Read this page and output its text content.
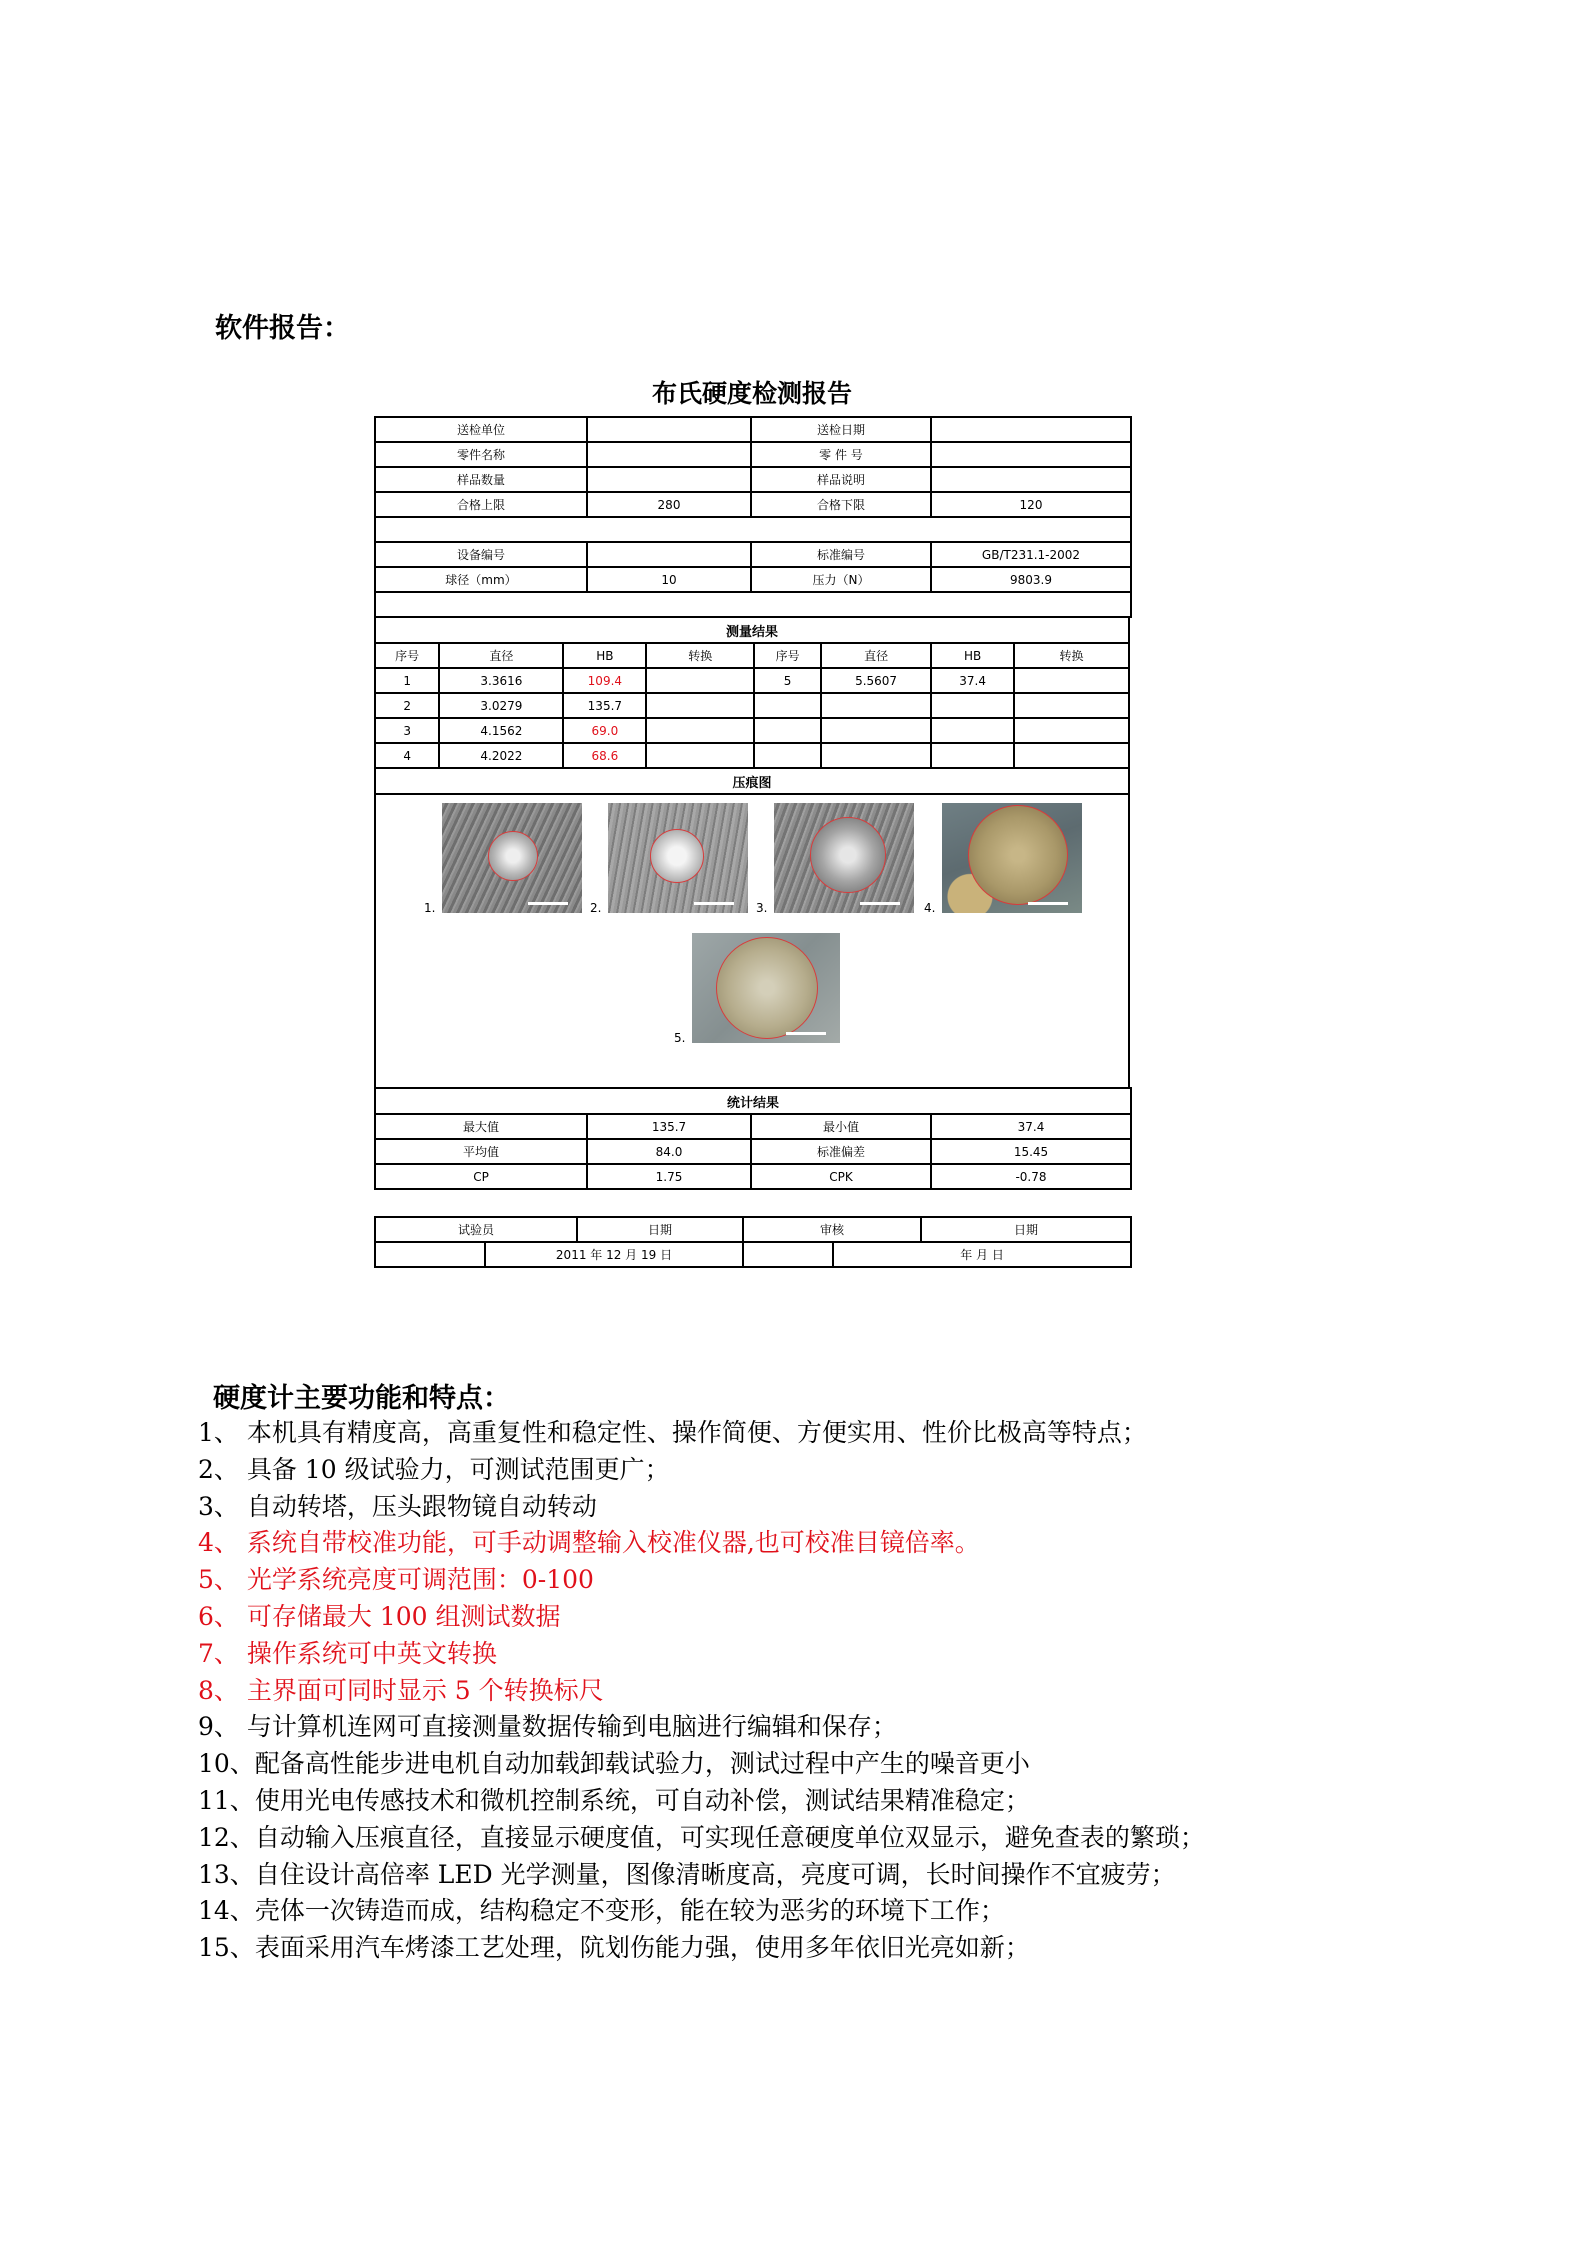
软件报告：
布氏硬度检测报告
送检单位		送检日期	
零件名称		零 件 号	
样品数量		样品说明	
合格上限	280	合格下限	120

设备编号		标准编号	GB/T231.1-2002
球径（mm）	10	压力（N）	9803.9

测量结果							
序号	直径	HB	转换	序号	直径	HB	转换
1	3.3616	109.4		5	5.5607	37.4	
2	3.0279	135.7					
3	4.1562	69.0					
4	4.2022	68.6					
压痕图							

1. 2. 3. 4.
5.							
统计结果			
最大值	135.7	最小值	37.4
平均值	84.0	标准偏差	15.45
CP	1.75	CPK	-0.78
试验员		日期	审核		日期
	2011 年 12 月 19 日			年 月 日	
硬度计主要功能和特点：
1、 本机具有精度高，高重复性和稳定性、操作简便、方便实用、性价比极高等特点；
2、 具备 10 级试验力，可测试范围更广；
3、 自动转塔，压头跟物镜自动转动
4、 系统自带校准功能，可手动调整输入校准仪器,也可校准目镜倍率。
5、 光学系统亮度可调范围：0-100
6、 可存储最大 100 组测试数据
7、 操作系统可中英文转换
8、 主界面可同时显示 5 个转换标尺
9、 与计算机连网可直接测量数据传输到电脑进行编辑和保存；
10、配备高性能步进电机自动加载卸载试验力，测试过程中产生的噪音更小
11、使用光电传感技术和微机控制系统，可自动补偿，测试结果精准稳定；
12、自动输入压痕直径，直接显示硬度值，可实现任意硬度单位双显示，避免查表的繁琐；
13、自住设计高倍率 LED 光学测量，图像清晰度高，亮度可调，长时间操作不宜疲劳；
14、壳体一次铸造而成，结构稳定不变形，能在较为恶劣的环境下工作；
15、表面采用汽车烤漆工艺处理，阬划伤能力强，使用多年依旧光亮如新；
